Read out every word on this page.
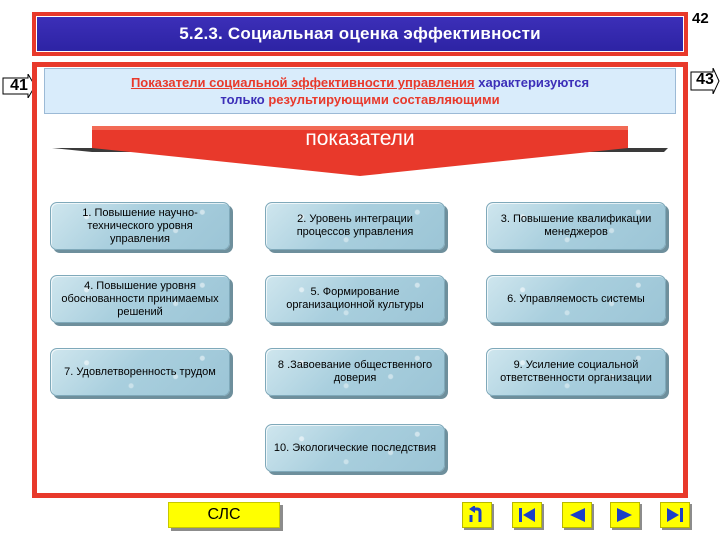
5.2.3. Социальная оценка эффективности
42
41	43
Показатели социальной эффективности управления характеризуются
только результирующими составляющими
показатели
1. Повышение научно-технического уровня управления
2. Уровень интеграции процессов управления
3. Повышение квалификации менеджеров
4. Повышение уровня обоснованности принимаемых решений
5. Формирование организационной культуры
6. Управляемость системы
7. Удовлетворенность трудом
8 .Завоевание общественного доверия
9. Усиление социальной ответственности организации
10. Экологические последствия
СЛС
